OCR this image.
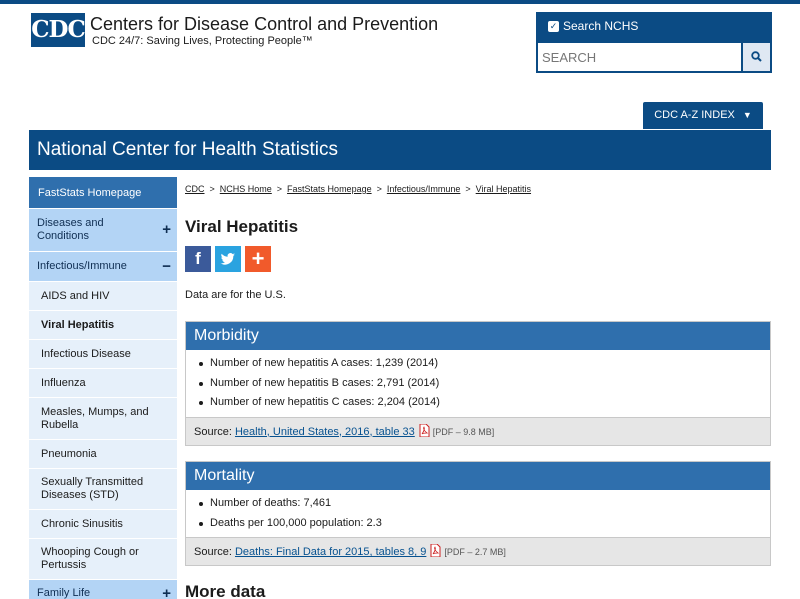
CDC Centers for Disease Control and Prevention
CDC 24/7: Saving Lives, Protecting People™
✓ Search NCHS
SEARCH
CDC A-Z INDEX ▼
National Center for Health Statistics
FastStats Homepage
Diseases and Conditions	+
Infectious/Immune −
AIDS and HIV
Viral Hepatitis
Infectious Disease
Influenza
Measles, Mumps, and Rubella
Pneumonia
Sexually Transmitted Diseases (STD)
Chronic Sinusitis
Whooping Cough or Pertussis
Family Life	+
CDC > NCHS Home > FastStats Homepage > Infectious/Immune > Viral Hepatitis
Viral Hepatitis
f	+

Data are for the U.S.

Morbidity
Number of new hepatitis A cases: 1,239 (2014)
Number of new hepatitis B cases: 2,791 (2014)
Number of new hepatitis C cases: 2,204 (2014)
Source: Health, United States, 2016, table 33 [PDF – 9.8 MB]
Mortality
Number of deaths: 7,461
Deaths per 100,000 population: 2.3
Source: Deaths: Final Data for 2015, tables 8, 9 [PDF – 2.7 MB]
More data
